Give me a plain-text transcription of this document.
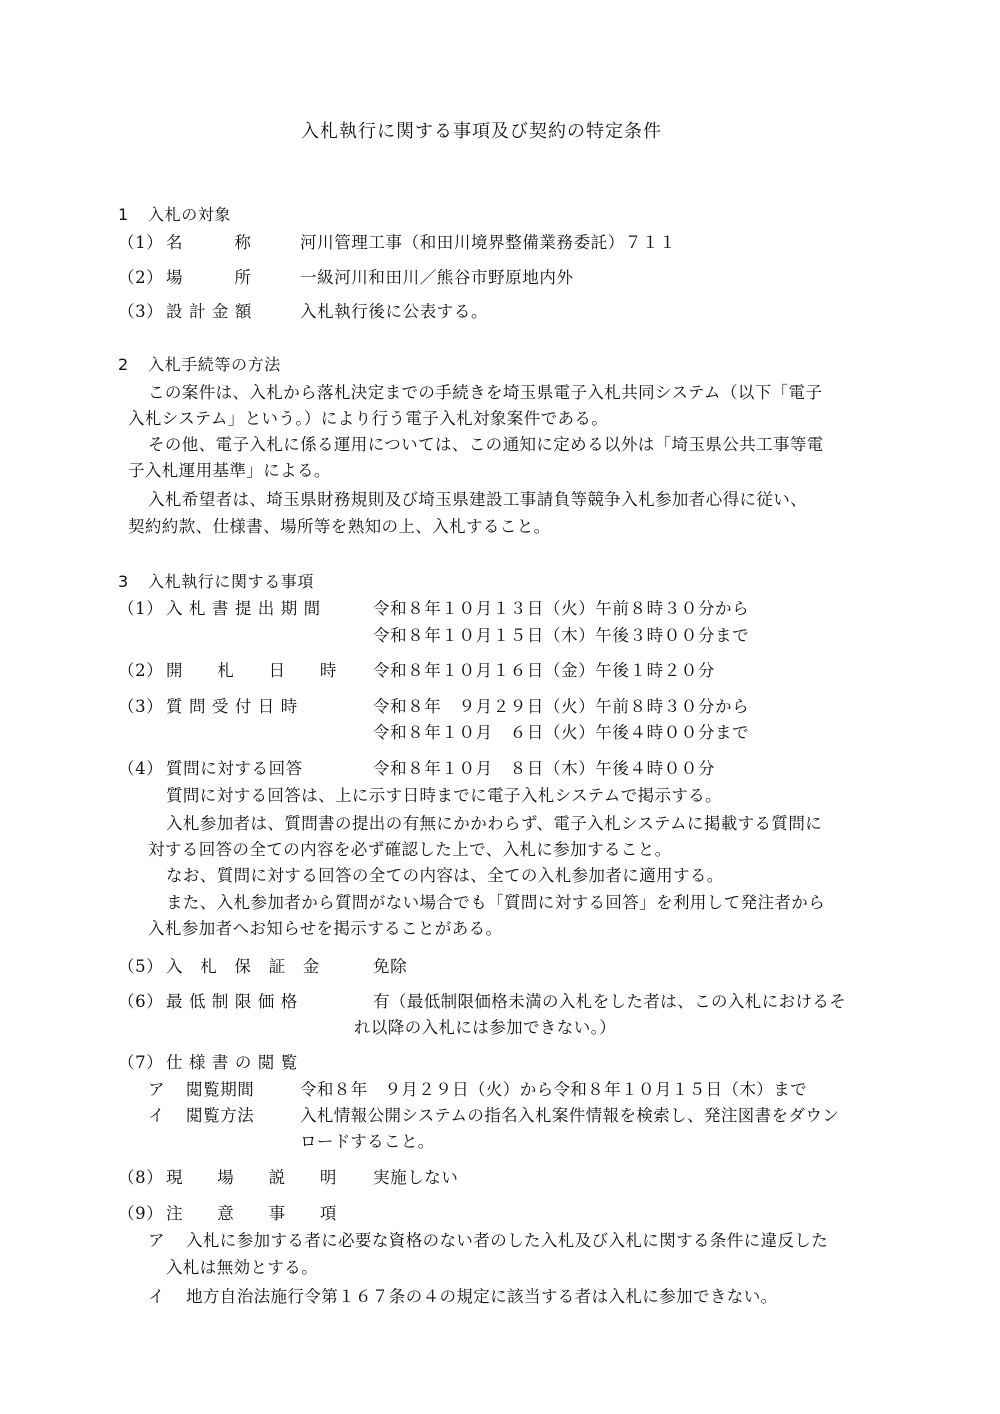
入札執行に関する事項及び契約の特定条件
1 入札の対象
（1） 名　　　称	河川管理工事（和田川境界整備業務委託）７１１
（2） 場　　　所	一級河川和田川／熊谷市野原地内外
（3） 設 計 金 額	入札執行後に公表する。
2 入札手続等の方法
この案件は、入札から落札決定までの手続きを埼玉県電子入札共同システム（以下「電子
入札システム」という。）により行う電子入札対象案件である。
その他、電子入札に係る運用については、この通知に定める以外は「埼玉県公共工事等電
子入札運用基準」による。
入札希望者は、埼玉県財務規則及び埼玉県建設工事請負等競争入札参加者心得に従い、
契約約款、仕様書、場所等を熟知の上、入札すること。
3 入札執行に関する事項
（1） 入 札 書 提 出 期 間	令和８年１０月１３日（火）午前８時３０分から
令和８年１０月１５日（木）午後３時００分まで
（2） 開　　札　　日　　時 令和８年１０月１６日（金）午後１時２０分
（3） 質 問 受 付 日 時	令和８年　９月２９日（火）午前８時３０分から
令和８年１０月　６日（火）午後４時００分まで
（4） 質問に対する回答	令和８年１０月　８日（木）午後４時００分
質問に対する回答は、上に示す日時までに電子入札システムで掲示する。
入札参加者は、質問書の提出の有無にかかわらず、電子入札システムに掲載する質問に
対する回答の全ての内容を必ず確認した上で、入札に参加すること。
なお、質問に対する回答の全ての内容は、全ての入札参加者に適用する。
また、入札参加者から質問がない場合でも「質問に対する回答」を利用して発注者から
入札参加者へお知らせを掲示することがある。
（5） 入　札　保　証　金	免除
（6） 最 低 制 限 価 格	有（最低制限価格未満の入札をした者は、この入札におけるそ
れ以降の入札には参加できない。）
（7） 仕 様 書 の 閲 覧
ア 閲覧期間	令和８年　９月２９日（火）から令和８年１０月１５日（木）まで
イ 閲覧方法	入札情報公開システムの指名入札案件情報を検索し、発注図書をダウン
ロードすること。
（8） 現　　場　　説　　明 実施しない
（9） 注　　意　　事　　項
ア 入札に参加する者に必要な資格のない者のした入札及び入札に関する条件に違反した
入札は無効とする。
イ 地方自治法施行令第１６７条の４の規定に該当する者は入札に参加できない。
